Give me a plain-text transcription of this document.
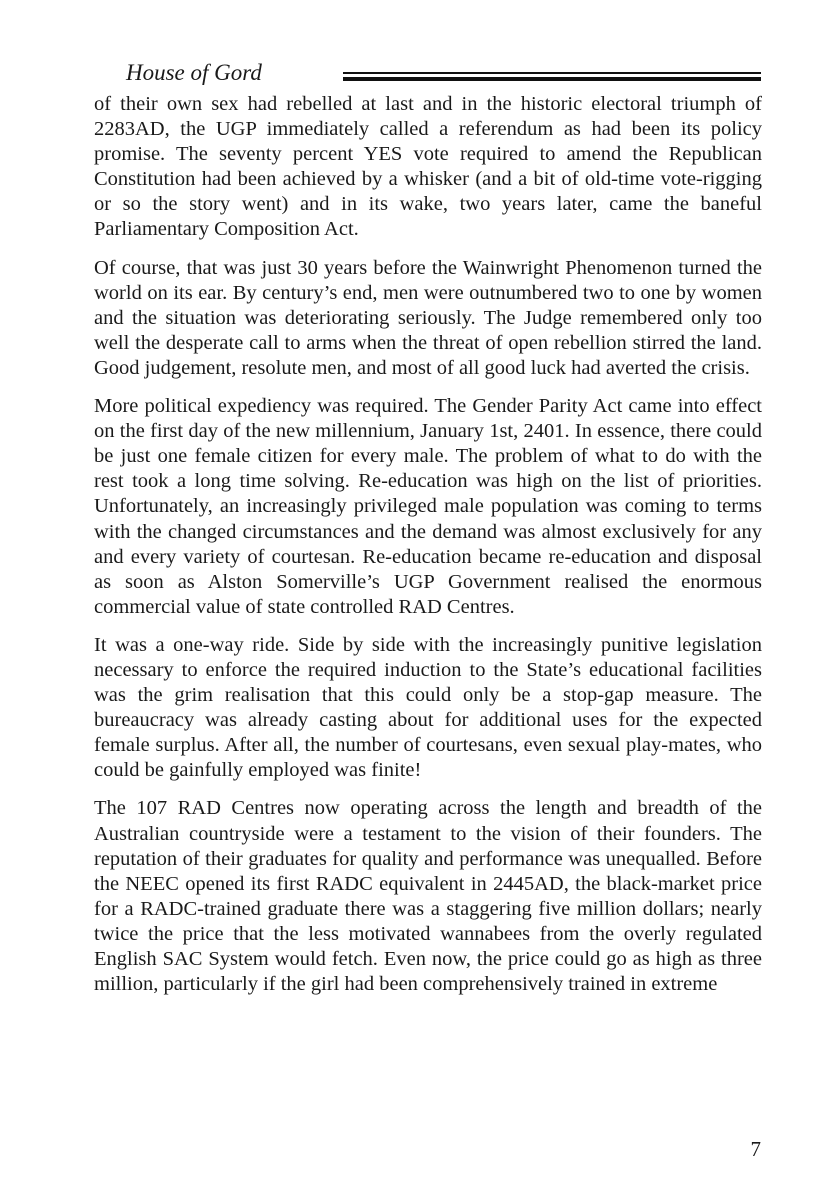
House of Gord

of their own sex had rebelled at last and in the historic electoral triumph of 2283AD, the UGP immediately called a referendum as had been its policy promise. The seventy percent YES vote required to amend the Republican Constitution had been achieved by a whisker (and a bit of old-time vote-rigging or so the story went) and in its wake, two years later, came the baneful Parliamentary Composition Act.

Of course, that was just 30 years before the Wainwright Phenomenon turned the world on its ear. By century’s end, men were outnumbered two to one by women and the situation was deteriorating seriously. The Judge remembered only too well the desperate call to arms when the threat of open rebellion stirred the land. Good judgement, resolute men, and most of all good luck had averted the crisis.

More political expediency was required. The Gender Parity Act came into effect on the first day of the new millennium, January 1st, 2401. In essence, there could be just one female citizen for every male. The problem of what to do with the rest took a long time solving. Re-education was high on the list of priorities. Unfortunately, an increasingly privileged male population was coming to terms with the changed circumstances and the demand was almost exclusively for any and every variety of courtesan. Re-education became re-education and disposal as soon as Alston Somerville’s UGP Government realised the enormous commercial value of state controlled RAD Centres.

It was a one-way ride. Side by side with the increasingly punitive legislation necessary to enforce the required induction to the State’s educational facilities was the grim realisation that this could only be a stop-gap measure. The bureaucracy was already casting about for additional uses for the expected female surplus. After all, the number of courtesans, even sexual play-mates, who could be gainfully employed was finite!

The 107 RAD Centres now operating across the length and breadth of the Australian countryside were a testament to the vision of their founders. The reputation of their graduates for quality and performance was unequalled. Before the NEEC opened its first RADC equivalent in 2445AD, the black-market price for a RADC-trained graduate there was a staggering five million dollars; nearly twice the price that the less motivated wannabees from the overly regulated English SAC System would fetch. Even now, the price could go as high as three million, particularly if the girl had been comprehensively trained in extreme

7
